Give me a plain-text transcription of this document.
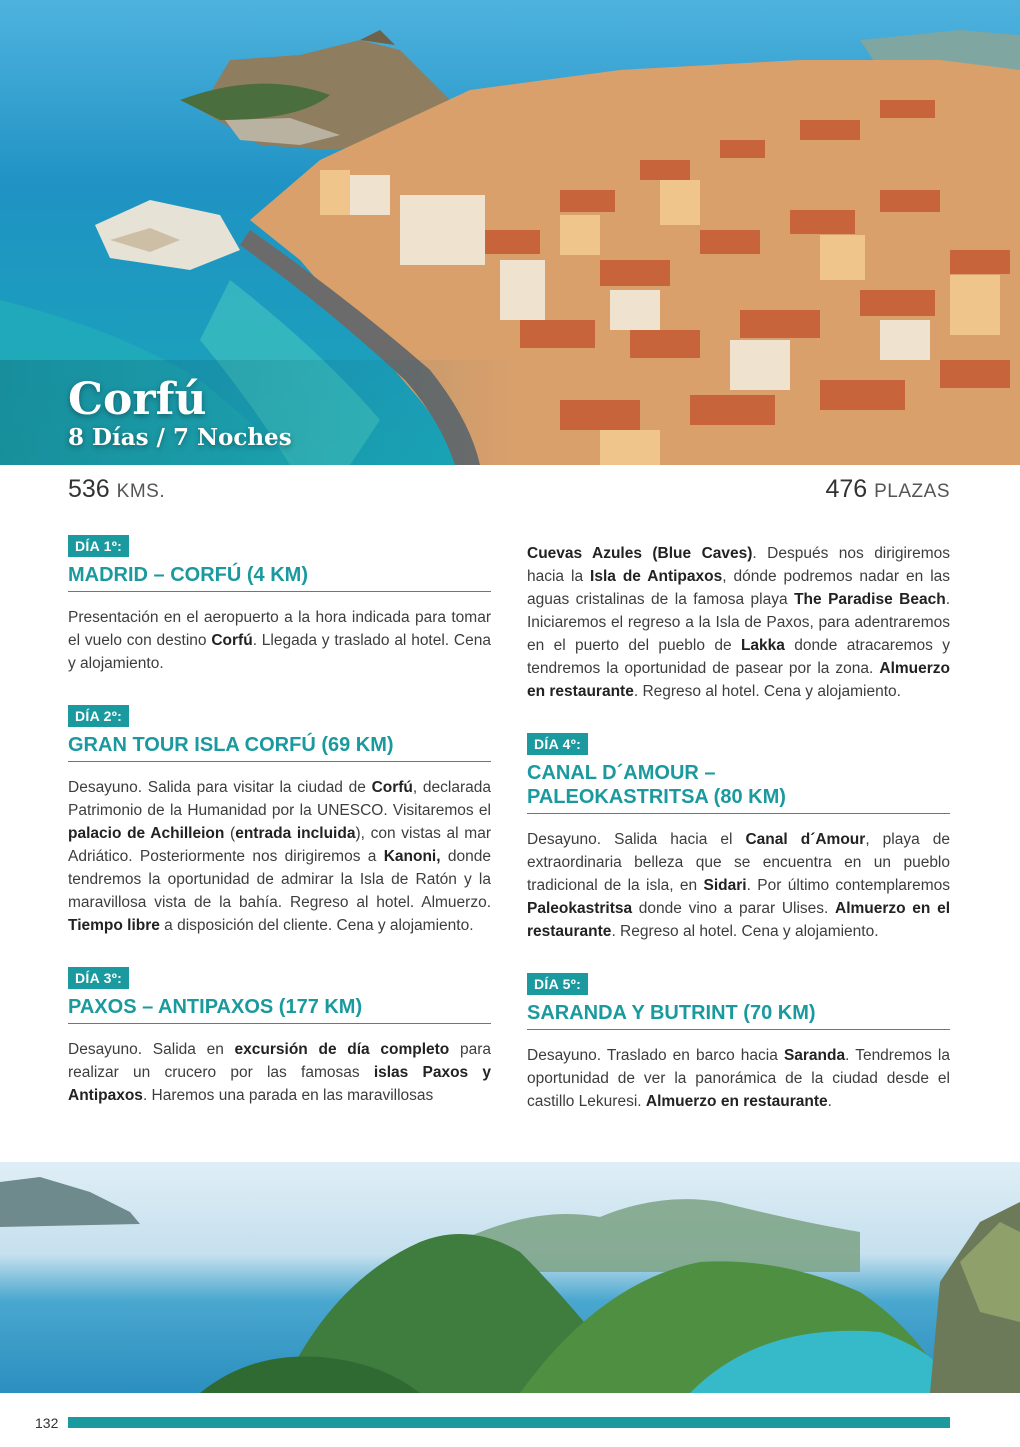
Corfú
8 Días / 7 Noches
536 KMS.	476 PLAZAS
DÍA 1º:
MADRID – CORFÚ (4 KM)

Presentación en el aeropuerto a la hora indicada para tomar el vuelo con destino Corfú. Llegada y traslado al hotel. Cena y alojamiento.

DÍA 2º:
GRAN TOUR ISLA CORFÚ (69 KM)

Desayuno. Salida para visitar la ciudad de Corfú, declarada Patrimonio de la Humanidad por la UNESCO. Visitaremos el palacio de Achilleion (entrada incluida), con vistas al mar Adriático. Posteriormente nos dirigiremos a Kanoni, donde tendremos la oportunidad de admirar la Isla de Ratón y la maravillosa vista de la bahía. Regreso al hotel. Almuerzo. Tiempo libre a disposición del cliente. Cena y alojamiento.

DÍA 3º:
PAXOS – ANTIPAXOS (177 KM)

Desayuno. Salida en excursión de día completo para realizar un crucero por las famosas islas Paxos y Antipaxos. Haremos una parada en las maravillosas

Cuevas Azules (Blue Caves). Después nos dirigiremos hacia la Isla de Antipaxos, dónde podremos nadar en las aguas cristalinas de la famosa playa The Paradise Beach. Iniciaremos el regreso a la Isla de Paxos, para adentraremos en el puerto del pueblo de Lakka donde atracaremos y tendremos la oportunidad de pasear por la zona. Almuerzo en restaurante. Regreso al hotel. Cena y alojamiento.

DÍA 4º:
CANAL D´AMOUR –
PALEOKASTRITSA (80 KM)

Desayuno. Salida hacia el Canal d´Amour, playa de extraordinaria belleza que se encuentra en un pueblo tradicional de la isla, en Sidari. Por último contemplaremos Paleokastritsa donde vino a parar Ulises. Almuerzo en el restaurante. Regreso al hotel. Cena y alojamiento.

DÍA 5º:
SARANDA Y BUTRINT (70 KM)

Desayuno. Traslado en barco hacia Saranda. Tendremos la oportunidad de ver la panorámica de la ciudad desde el castillo Lekuresi. Almuerzo en restaurante.

132
